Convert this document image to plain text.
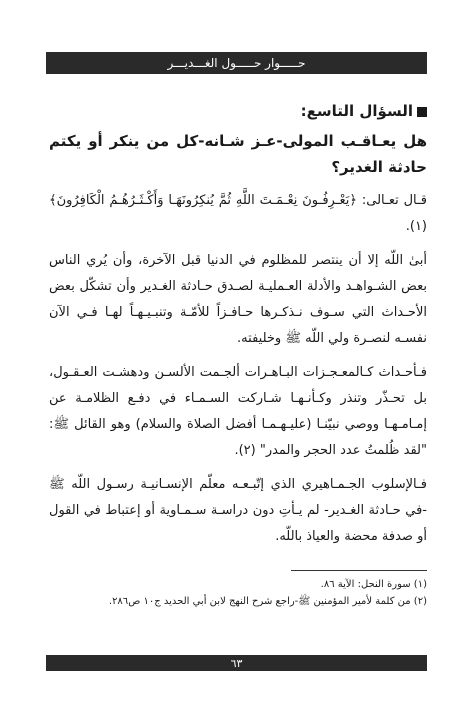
حـــــوار حـــــول الغـــديـــر
السؤال التاسع:
هل يعـاقـب المولى-عـز شـانه-كل من ينكر أو يكتم حادثة الغدير؟

قـال تعـالى: ﴿يَعْـرِفُـونَ نِعْـمَـتَ اللَّهِ ثُمَّ يُنكِرُونَهَـا وَأَكْـثَـرُهُـمُ الْكَافِرُونَ﴾ (١).

أبىٰ اللّه إلا أن ينتصر للمظلوم في الدنيا قبل الآخرة، وأن يُري الناس بعض الشـواهـد والأدلة العـمليـة لصـدق حـادثة الغـدير وأن تشكّل بعض الأحـداث التي سـوف نـذكـرها حـافـزاً للأمّـة وتنبـيـهـاً لهـا فـي الآن نفسـه لنصـرة ولي اللّه ﷺ وخليفته.

فـأحـداث كـالمعـجـزات البـاهـرات ألجـمت الألسـن ودهشـت العـقـول، بل تحـذّر وتنذر وكـأنـهـا شـاركت السـمـاء في دفـع الظلامـة عن إمـامـهـا ووصي نبيّنـا (عليـهـمـا أفضل الصلاة والسلام) وهو القائل ﷺ: "لقد ظُلمتُ عدد الحجر والمدر" (٢).

فـالإسلوب الجـمـاهيري الذي إتّبـعـه معلّم الإنسـانيـة رسـول اللّه ﷺ -في حـادثة الغـدير- لم يـأتِ دون دراسـة سـمـاوية أو إعتباط في القول أو صدفة محضة والعياذ باللّه.

(١) سورة النحل: الآية ٨٦.
(٢) من كلمة لأمير المؤمنين ﷺ-راجع شرح النهج لابن أبي الحديد ج١٠ ص٢٨٦.
٦٣
